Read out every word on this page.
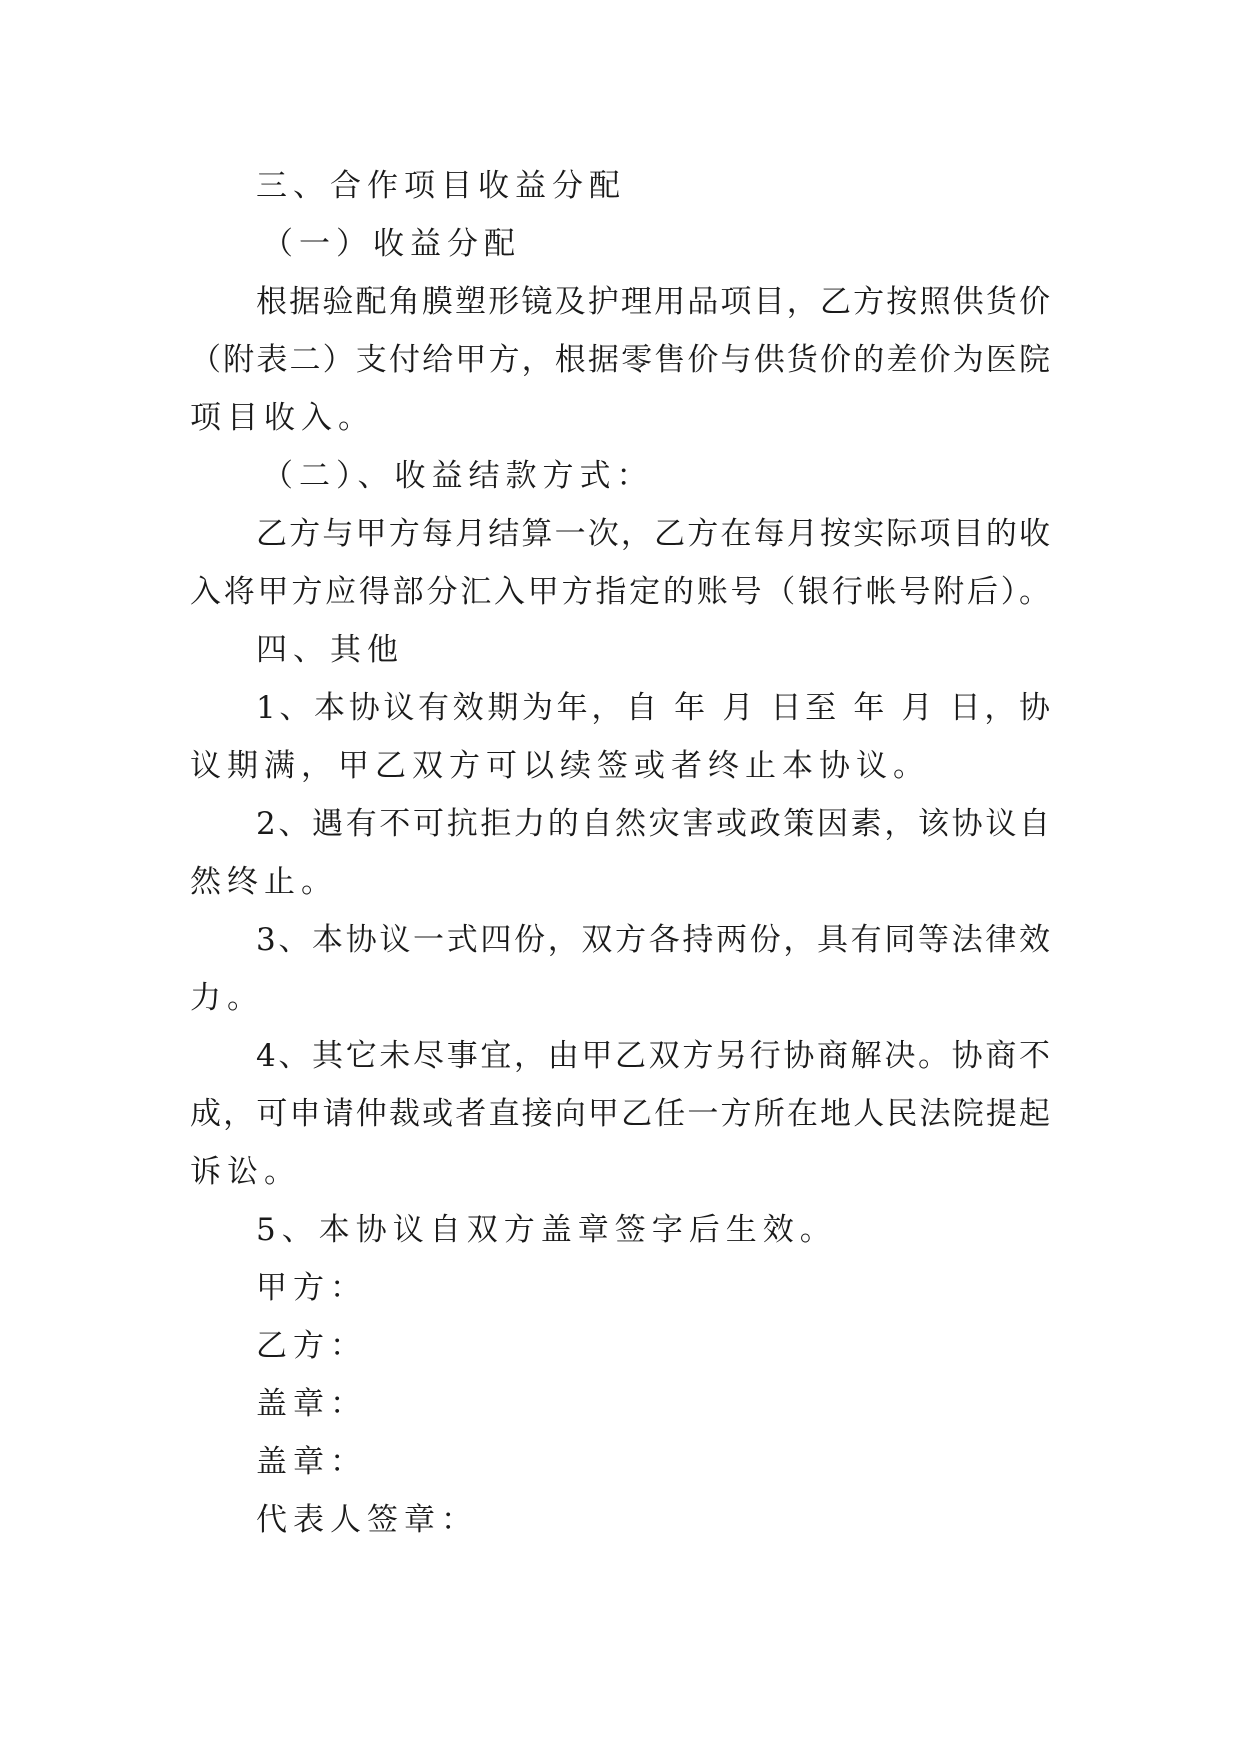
三、合作项目收益分配
（一）收益分配
根据验配角膜塑形镜及护理用品项目，乙方按照供货价
（附表二）支付给甲方，根据零售价与供货价的差价为医院
项目收入。
（二）、收益结款方式：
乙方与甲方每月结算一次，乙方在每月按实际项目的收
入将甲方应得部分汇入甲方指定的账号（银行帐号附后）。
四、其他
1、本协议有效期为年，自 年 月 日至 年 月 日，协
议期满，甲乙双方可以续签或者终止本协议。
2、遇有不可抗拒力的自然灾害或政策因素，该协议自
然终止。
3、本协议一式四份，双方各持两份，具有同等法律效
力。
4、其它未尽事宜，由甲乙双方另行协商解决。协商不
成，可申请仲裁或者直接向甲乙任一方所在地人民法院提起
诉讼。
5、本协议自双方盖章签字后生效。
甲方：
乙方：
盖章：
盖章：
代表人签章：
